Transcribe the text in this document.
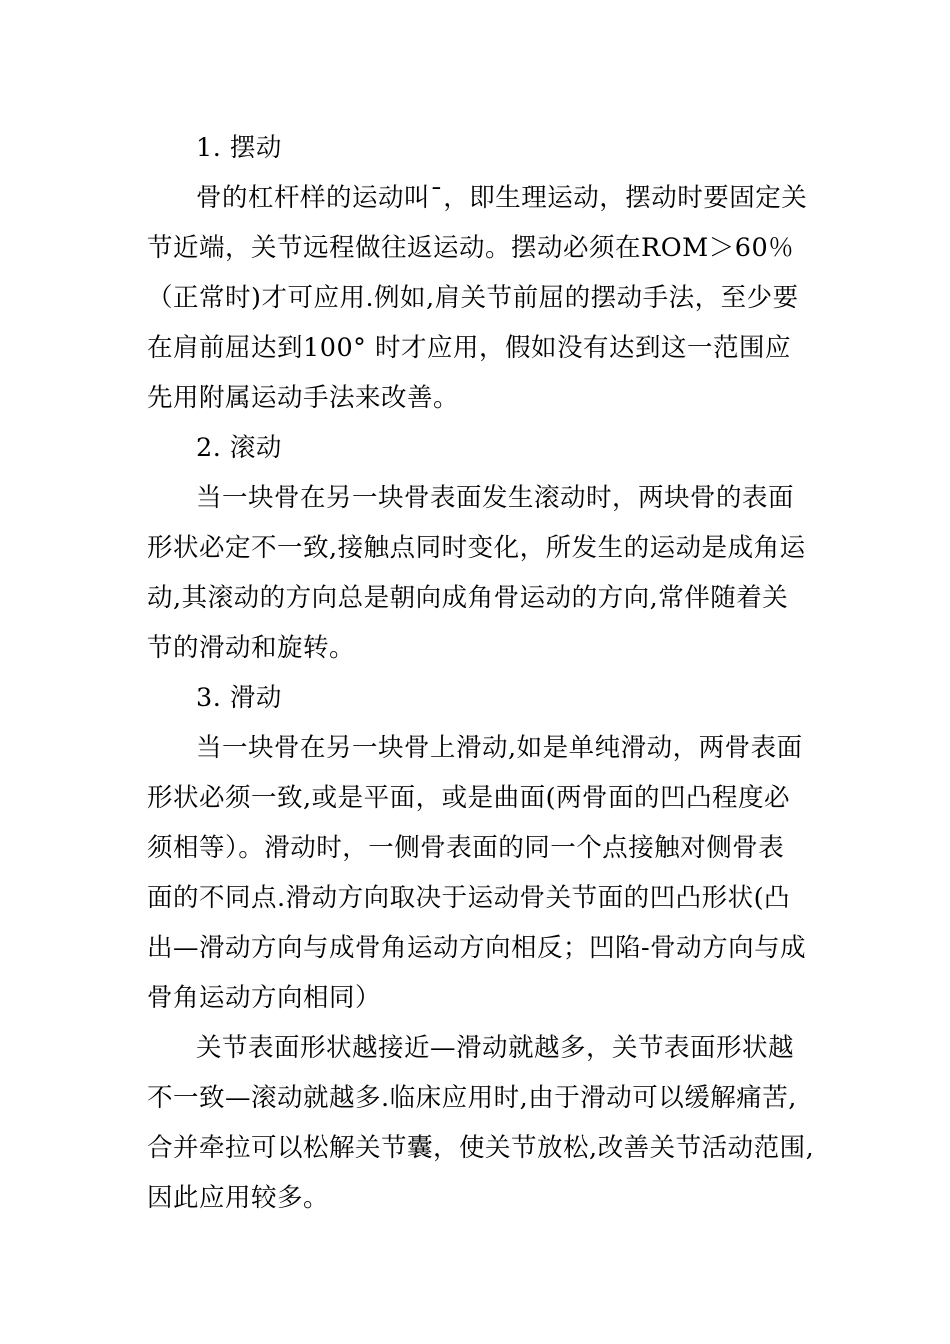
1. 摆动
骨的杠杆样的运动叫¯，即生理运动，摆动时要固定关
节近端，关节远程做往返运动。摆动必须在ROM＞60％
（正常时)才可应用.例如,肩关节前屈的摆动手法，至少要
在肩前屈达到100° 时才应用，假如没有达到这一范围应
先用附属运动手法来改善。
2. 滚动
当一块骨在另一块骨表面发生滚动时，两块骨的表面
形状必定不一致,接触点同时变化，所发生的运动是成角运
动,其滚动的方向总是朝向成角骨运动的方向,常伴随着关
节的滑动和旋转。
3. 滑动
当一块骨在另一块骨上滑动,如是单纯滑动，两骨表面
形状必须一致,或是平面，或是曲面(两骨面的凹凸程度必
须相等）。滑动时，一侧骨表面的同一个点接触对侧骨表
面的不同点.滑动方向取决于运动骨关节面的凹凸形状(凸
出—滑动方向与成骨角运动方向相反；凹陷-骨动方向与成
骨角运动方向相同）
关节表面形状越接近—滑动就越多，关节表面形状越
不一致—滚动就越多.临床应用时,由于滑动可以缓解痛苦,
合并牵拉可以松解关节囊，使关节放松,改善关节活动范围,
因此应用较多。
